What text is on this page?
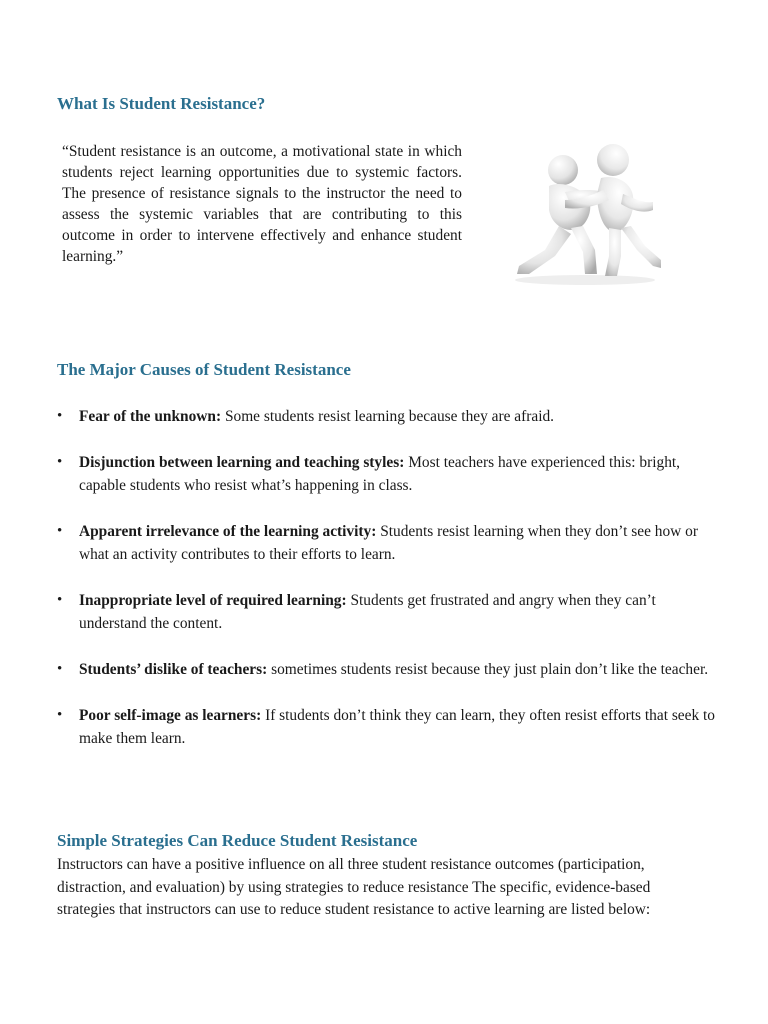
What Is Student Resistance?

“Student resistance is an outcome, a motivational state in which students reject learning opportunities due to systemic factors. The presence of resistance signals to the instructor the need to assess the systemic variables that are contributing to this outcome in order to intervene effectively and enhance student learning.”

The Major Causes of Student Resistance
• Fear of the unknown: Some students resist learning because they are afraid.
• Disjunction between learning and teaching styles: Most teachers have experienced this: bright, capable students who resist what’s happening in class.
• Apparent irrelevance of the learning activity: Students resist learning when they don’t see how or what an activity contributes to their efforts to learn.
• Inappropriate level of required learning: Students get frustrated and angry when they can’t understand the content.
• Students’ dislike of teachers: sometimes students resist because they just plain don’t like the teacher.
• Poor self-image as learners: If students don’t think they can learn, they often resist efforts that seek to make them learn.
Simple Strategies Can Reduce Student Resistance
Instructors can have a positive influence on all three student resistance outcomes (participation, distraction, and evaluation) by using strategies to reduce resistance The specific, evidence-based strategies that instructors can use to reduce student resistance to active learning are listed below:
